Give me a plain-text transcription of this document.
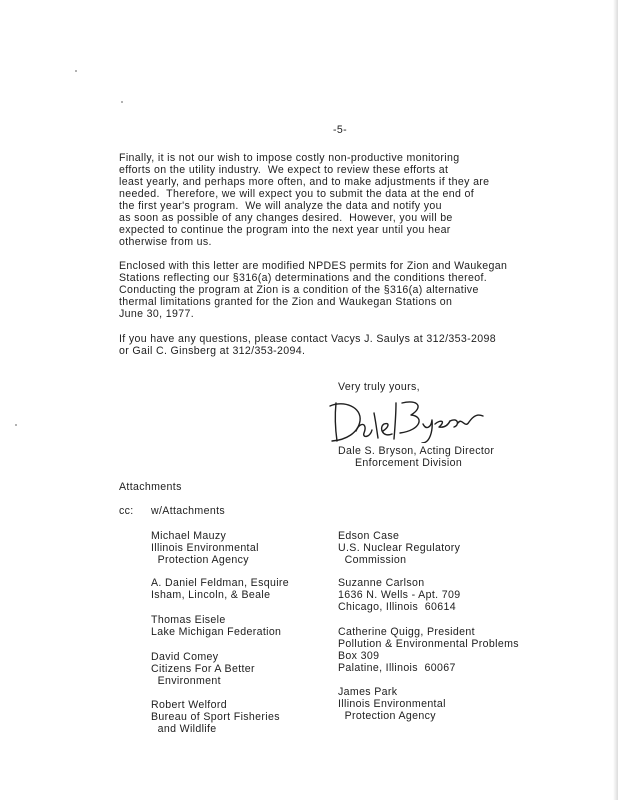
-5-

Finally, it is not our wish to impose costly non-productive monitoring
efforts on the utility industry.  We expect to review these efforts at
least yearly, and perhaps more often, and to make adjustments if they are
needed.  Therefore, we will expect you to submit the data at the end of
the first year's program.  We will analyze the data and notify you
as soon as possible of any changes desired.  However, you will be
expected to continue the program into the next year until you hear
otherwise from us.

Enclosed with this letter are modified NPDES permits for Zion and Waukegan
Stations reflecting our §316(a) determinations and the conditions thereof.
Conducting the program at Zion is a condition of the §316(a) alternative
thermal limitations granted for the Zion and Waukegan Stations on
June 30, 1977.

If you have any questions, please contact Vacys J. Saulys at 312/353-2098
or Gail C. Ginsberg at 312/353-2094.

Very truly yours,
Dale S. Bryson, Acting Director
Enforcement Division
Attachments
cc: w/Attachments
Michael Mauzy
Illinois Environmental
Protection Agency
A. Daniel Feldman, Esquire
Isham, Lincoln, & Beale
Thomas Eisele
Lake Michigan Federation
David Comey
Citizens For A Better
Environment
Robert Welford
Bureau of Sport Fisheries
and Wildlife
Edson Case
U.S. Nuclear Regulatory
Commission
Suzanne Carlson
1636 N. Wells - Apt. 709
Chicago, Illinois  60614
Catherine Quigg, President
Pollution & Environmental Problems
Box 309
Palatine, Illinois  60067
James Park
Illinois Environmental
Protection Agency
